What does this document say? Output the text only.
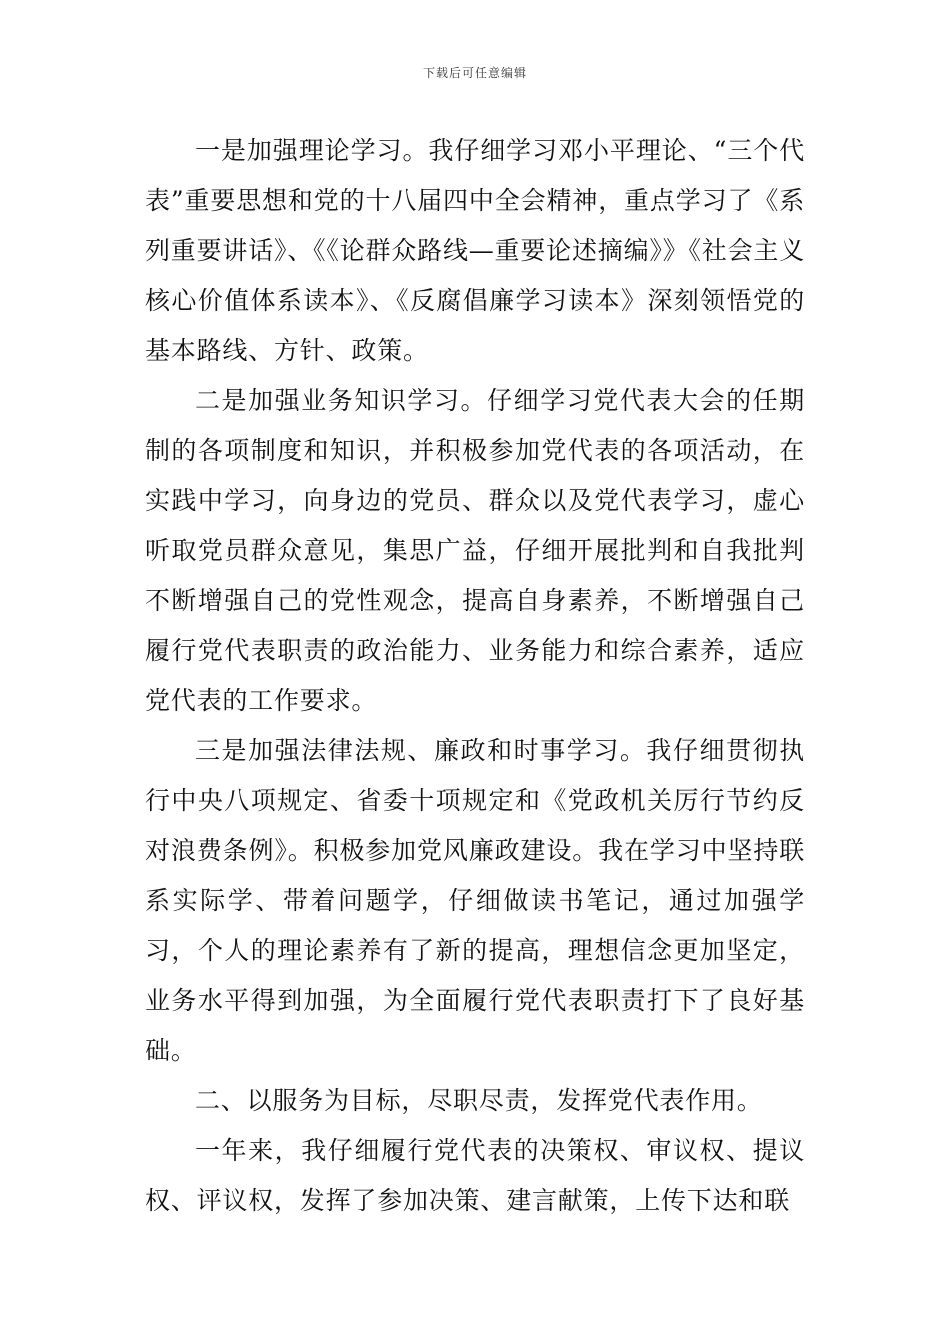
下载后可任意编辑

一是加强理论学习。我仔细学习邓小平理论、“三个代表”重要思想和党的十八届四中全会精神，重点学习了《系列重要讲话》、《《论群众路线—重要论述摘编》》《社会主义核心价值体系读本》、《反腐倡廉学习读本》深刻领悟党的基本路线、方针、政策。

二是加强业务知识学习。仔细学习党代表大会的任期制的各项制度和知识，并积极参加党代表的各项活动，在实践中学习，向身边的党员、群众以及党代表学习，虚心听取党员群众意见，集思广益，仔细开展批判和自我批判不断增强自己的党性观念，提高自身素养，不断增强自己履行党代表职责的政治能力、业务能力和综合素养，适应党代表的工作要求。

三是加强法律法规、廉政和时事学习。我仔细贯彻执行中央八项规定、省委十项规定和《党政机关厉行节约反对浪费条例》。积极参加党风廉政建设。我在学习中坚持联系实际学、带着问题学，仔细做读书笔记，通过加强学习，个人的理论素养有了新的提高，理想信念更加坚定，业务水平得到加强，为全面履行党代表职责打下了良好基础。

二、以服务为目标，尽职尽责，发挥党代表作用。

一年来，我仔细履行党代表的决策权、审议权、提议权、评议权，发挥了参加决策、建言献策，上传下达和联
